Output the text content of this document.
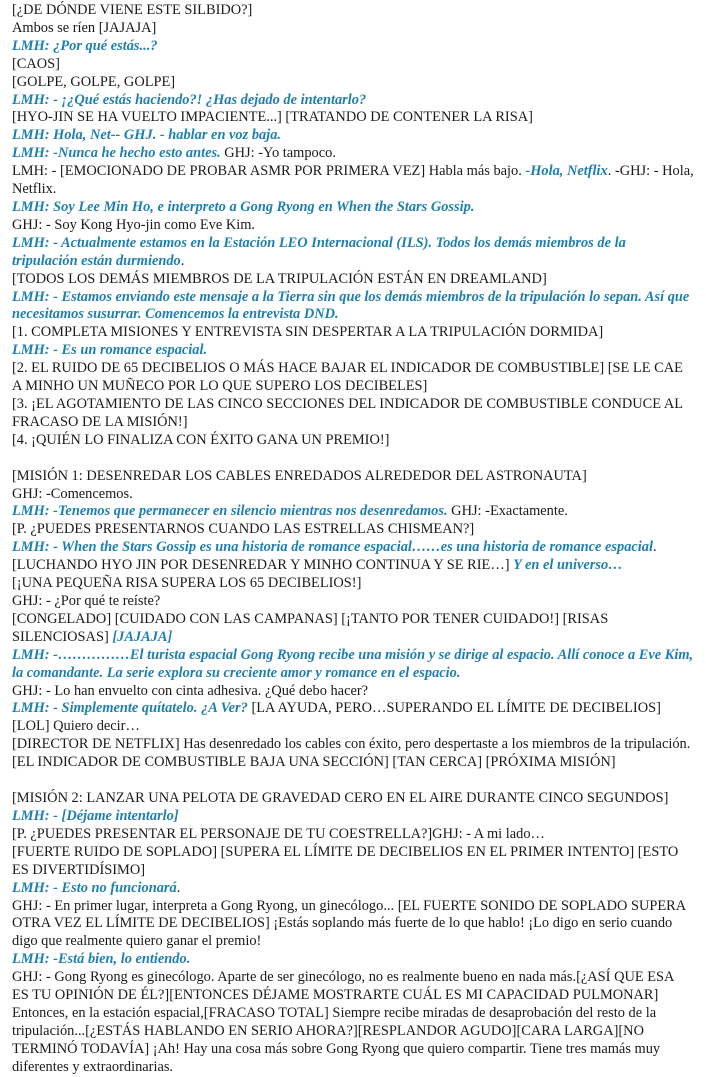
[¿DE DÓNDE VIENE ESTE SILBIDO?]
Ambos se ríen [JAJAJA]
LMH: ¿Por qué estás...?
[CAOS]
[GOLPE, GOLPE, GOLPE]
LMH: - ¡¿Qué estás haciendo?! ¿Has dejado de intentarlo?
[HYO-JIN SE HA VUELTO IMPACIENTE...] [TRATANDO DE CONTENER LA RISA]
LMH: Hola, Net-- GHJ. - hablar en voz baja.
LMH: -Nunca he hecho esto antes. GHJ: -Yo tampoco.
LMH: - [EMOCIONADO DE PROBAR ASMR POR PRIMERA VEZ] Habla más bajo. -Hola, Netflix. -GHJ: - Hola, Netflix.
LMH: Soy Lee Min Ho, e interpreto a Gong Ryong en When the Stars Gossip.
GHJ: - Soy Kong Hyo-jin como Eve Kim.
LMH: - Actualmente estamos en la Estación LEO Internacional (ILS). Todos los demás miembros de la tripulación están durmiendo.
[TODOS LOS DEMÁS MIEMBROS DE LA TRIPULACIÓN ESTÁN EN DREAMLAND]
LMH: - Estamos enviando este mensaje a la Tierra sin que los demás miembros de la tripulación lo sepan. Así que necesitamos susurrar. Comencemos la entrevista DND.
[1. COMPLETA MISIONES Y ENTREVISTA SIN DESPERTAR A LA TRIPULACIÓN DORMIDA]
LMH: - Es un romance espacial.
[2. EL RUIDO DE 65 DECIBELIOS O MÁS HACE BAJAR EL INDICADOR DE COMBUSTIBLE] [SE LE CAE A MINHO UN MUÑECO POR LO QUE SUPERO LOS DECIBELES]
[3. ¡EL AGOTAMIENTO DE LAS CINCO SECCIONES DEL INDICADOR DE COMBUSTIBLE CONDUCE AL FRACASO DE LA MISIÓN!]
[4. ¡QUIÉN LO FINALIZA CON ÉXITO GANA UN PREMIO!]
[MISIÓN 1: DESENREDAR LOS CABLES ENREDADOS ALREDEDOR DEL ASTRONAUTA]
GHJ: -Comencemos.
LMH: -Tenemos que permanecer en silencio mientras nos desenredamos. GHJ: -Exactamente.
[P. ¿PUEDES PRESENTARNOS CUANDO LAS ESTRELLAS CHISMEAN?]
LMH: - When the Stars Gossip es una historia de romance espacial……es una historia de romance espacial.
[LUCHANDO HYO JIN POR DESENREDAR Y MINHO CONTINUA Y SE RIE…] Y en el universo…
[¡UNA PEQUEÑA RISA SUPERA LOS 65 DECIBELIOS!]
GHJ: - ¿Por qué te reíste?
[CONGELADO] [CUIDADO CON LAS CAMPANAS] [¡TANTO POR TENER CUIDADO!] [RISAS SILENCIOSAS] [JAJAJA]
LMH: -……………El turista espacial Gong Ryong recibe una misión y se dirige al espacio. Allí conoce a Eve Kim, la comandante. La serie explora su creciente amor y romance en el espacio.
GHJ: - Lo han envuelto con cinta adhesiva. ¿Qué debo hacer?
LMH: - Simplemente quítatelo. ¿A Ver? [LA AYUDA, PERO…SUPERANDO EL LÍMITE DE DECIBELIOS]
[LOL] Quiero decir…
[DIRECTOR DE NETFLIX] Has desenredado los cables con éxito, pero despertaste a los miembros de la tripulación.
[EL INDICADOR DE COMBUSTIBLE BAJA UNA SECCIÓN] [TAN CERCA] [PRÓXIMA MISIÓN]
[MISIÓN 2: LANZAR UNA PELOTA DE GRAVEDAD CERO EN EL AIRE DURANTE CINCO SEGUNDOS]
LMH: - [Déjame intentarlo]
[P. ¿PUEDES PRESENTAR EL PERSONAJE DE TU COESTRELLA?]GHJ: - A mi lado…
[FUERTE RUIDO DE SOPLADO] [SUPERA EL LÍMITE DE DECIBELIOS EN EL PRIMER INTENTO] [ESTO ES DIVERTIDÍSIMO]
LMH: - Esto no funcionará.
GHJ: - En primer lugar, interpreta a Gong Ryong, un ginecólogo... [EL FUERTE SONIDO DE SOPLADO SUPERA OTRA VEZ EL LÍMITE DE DECIBELIOS] ¡Estás soplando más fuerte de lo que hablo! ¡Lo digo en serio cuando digo que realmente quiero ganar el premio!
LMH: -Está bien, lo entiendo.
GHJ: - Gong Ryong es ginecólogo. Aparte de ser ginecólogo, no es realmente bueno en nada más.[¿ASÍ QUE ESA ES TU OPINIÓN DE ÉL?][ENTONCES DÉJAME MOSTRARTE CUÁL ES MI CAPACIDAD PULMONAR] Entonces, en la estación espacial,[FRACASO TOTAL] Siempre recibe miradas de desaprobación del resto de la tripulación...[¿ESTÁS HABLANDO EN SERIO AHORA?][RESPLANDOR AGUDO][CARA LARGA][NO TERMINÓ TODAVÍA] ¡Ah! Hay una cosa más sobre Gong Ryong que quiero compartir. Tiene tres mamás muy diferentes y extraordinarias.
